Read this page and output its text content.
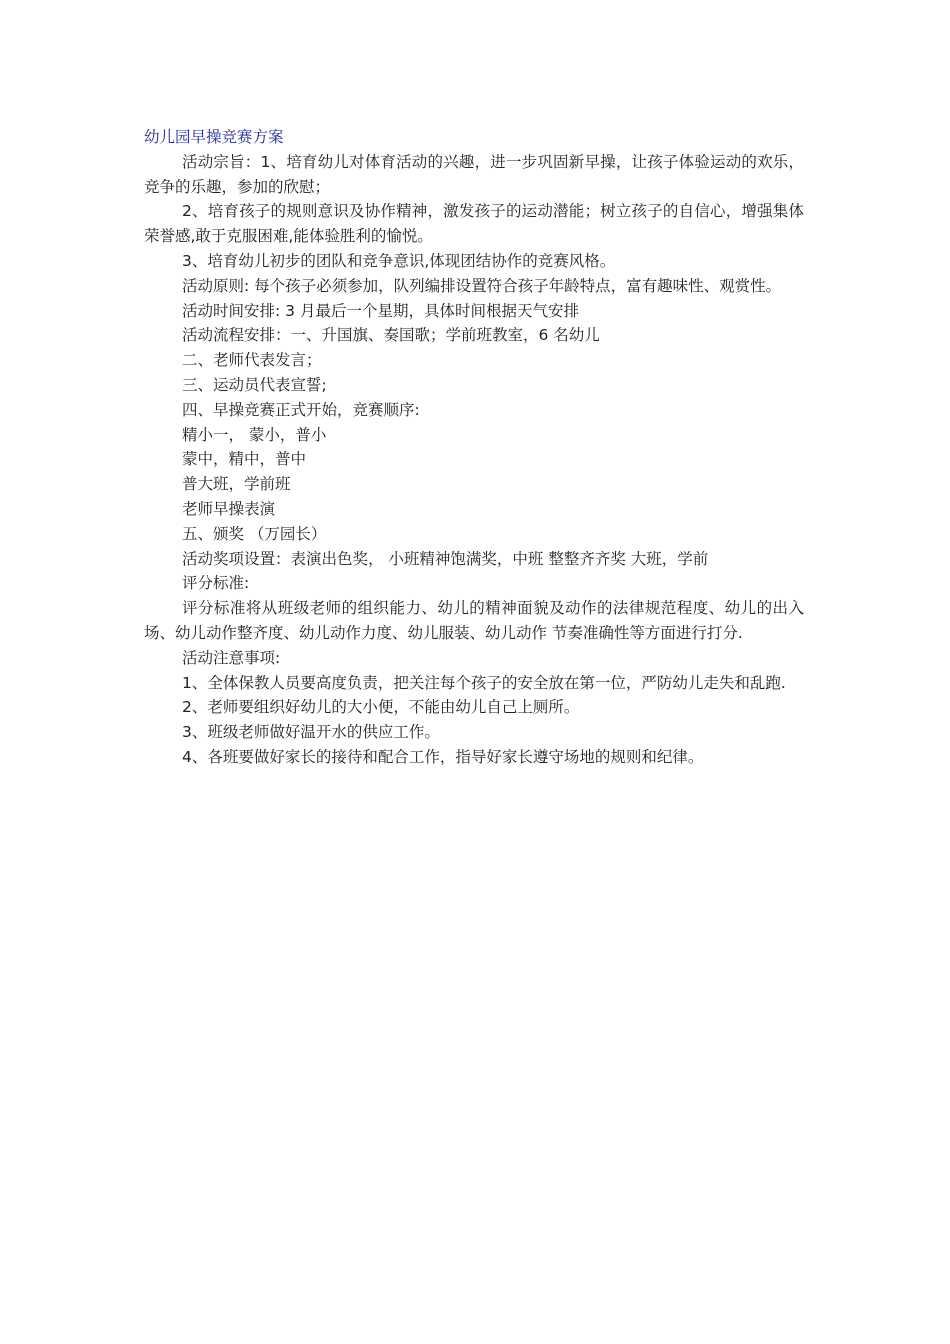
幼儿园早操竞赛方案
活动宗旨：1、培育幼儿对体育活动的兴趣，进一步巩固新早操，让孩子体验运动的欢乐，竞争的乐趣，参加的欣慰；
2、培育孩子的规则意识及协作精神，激发孩子的运动潜能；树立孩子的自信心，增强集体荣誉感,敢于克服困难,能体验胜利的愉悦。
3、培育幼儿初步的团队和竞争意识,体现团结协作的竞赛风格。
活动原则: 每个孩子必须参加，队列编排设置符合孩子年龄特点，富有趣味性、观赏性。
活动时间安排: 3 月最后一个星期，具体时间根据天气安排
活动流程安排：一、升国旗、奏国歌；学前班教室，6 名幼儿
二、老师代表发言；
三、运动员代表宣誓;
四、早操竞赛正式开始，竞赛顺序:
精小一， 蒙小，普小
蒙中，精中，普中
普大班，学前班
老师早操表演
五、颁奖 （万园长）
活动奖项设置：表演出色奖， 小班精神饱满奖，中班 整整齐齐奖 大班，学前
评分标准:
评分标准将从班级老师的组织能力、幼儿的精神面貌及动作的法律规范程度、幼儿的出入场、幼儿动作整齐度、幼儿动作力度、幼儿服装、幼儿动作 节奏准确性等方面进行打分.
活动注意事项:
1、全体保教人员要高度负责，把关注每个孩子的安全放在第一位，严防幼儿走失和乱跑.
2、老师要组织好幼儿的大小便，不能由幼儿自己上厕所。
3、班级老师做好温开水的供应工作。
4、各班要做好家长的接待和配合工作，指导好家长遵守场地的规则和纪律。
